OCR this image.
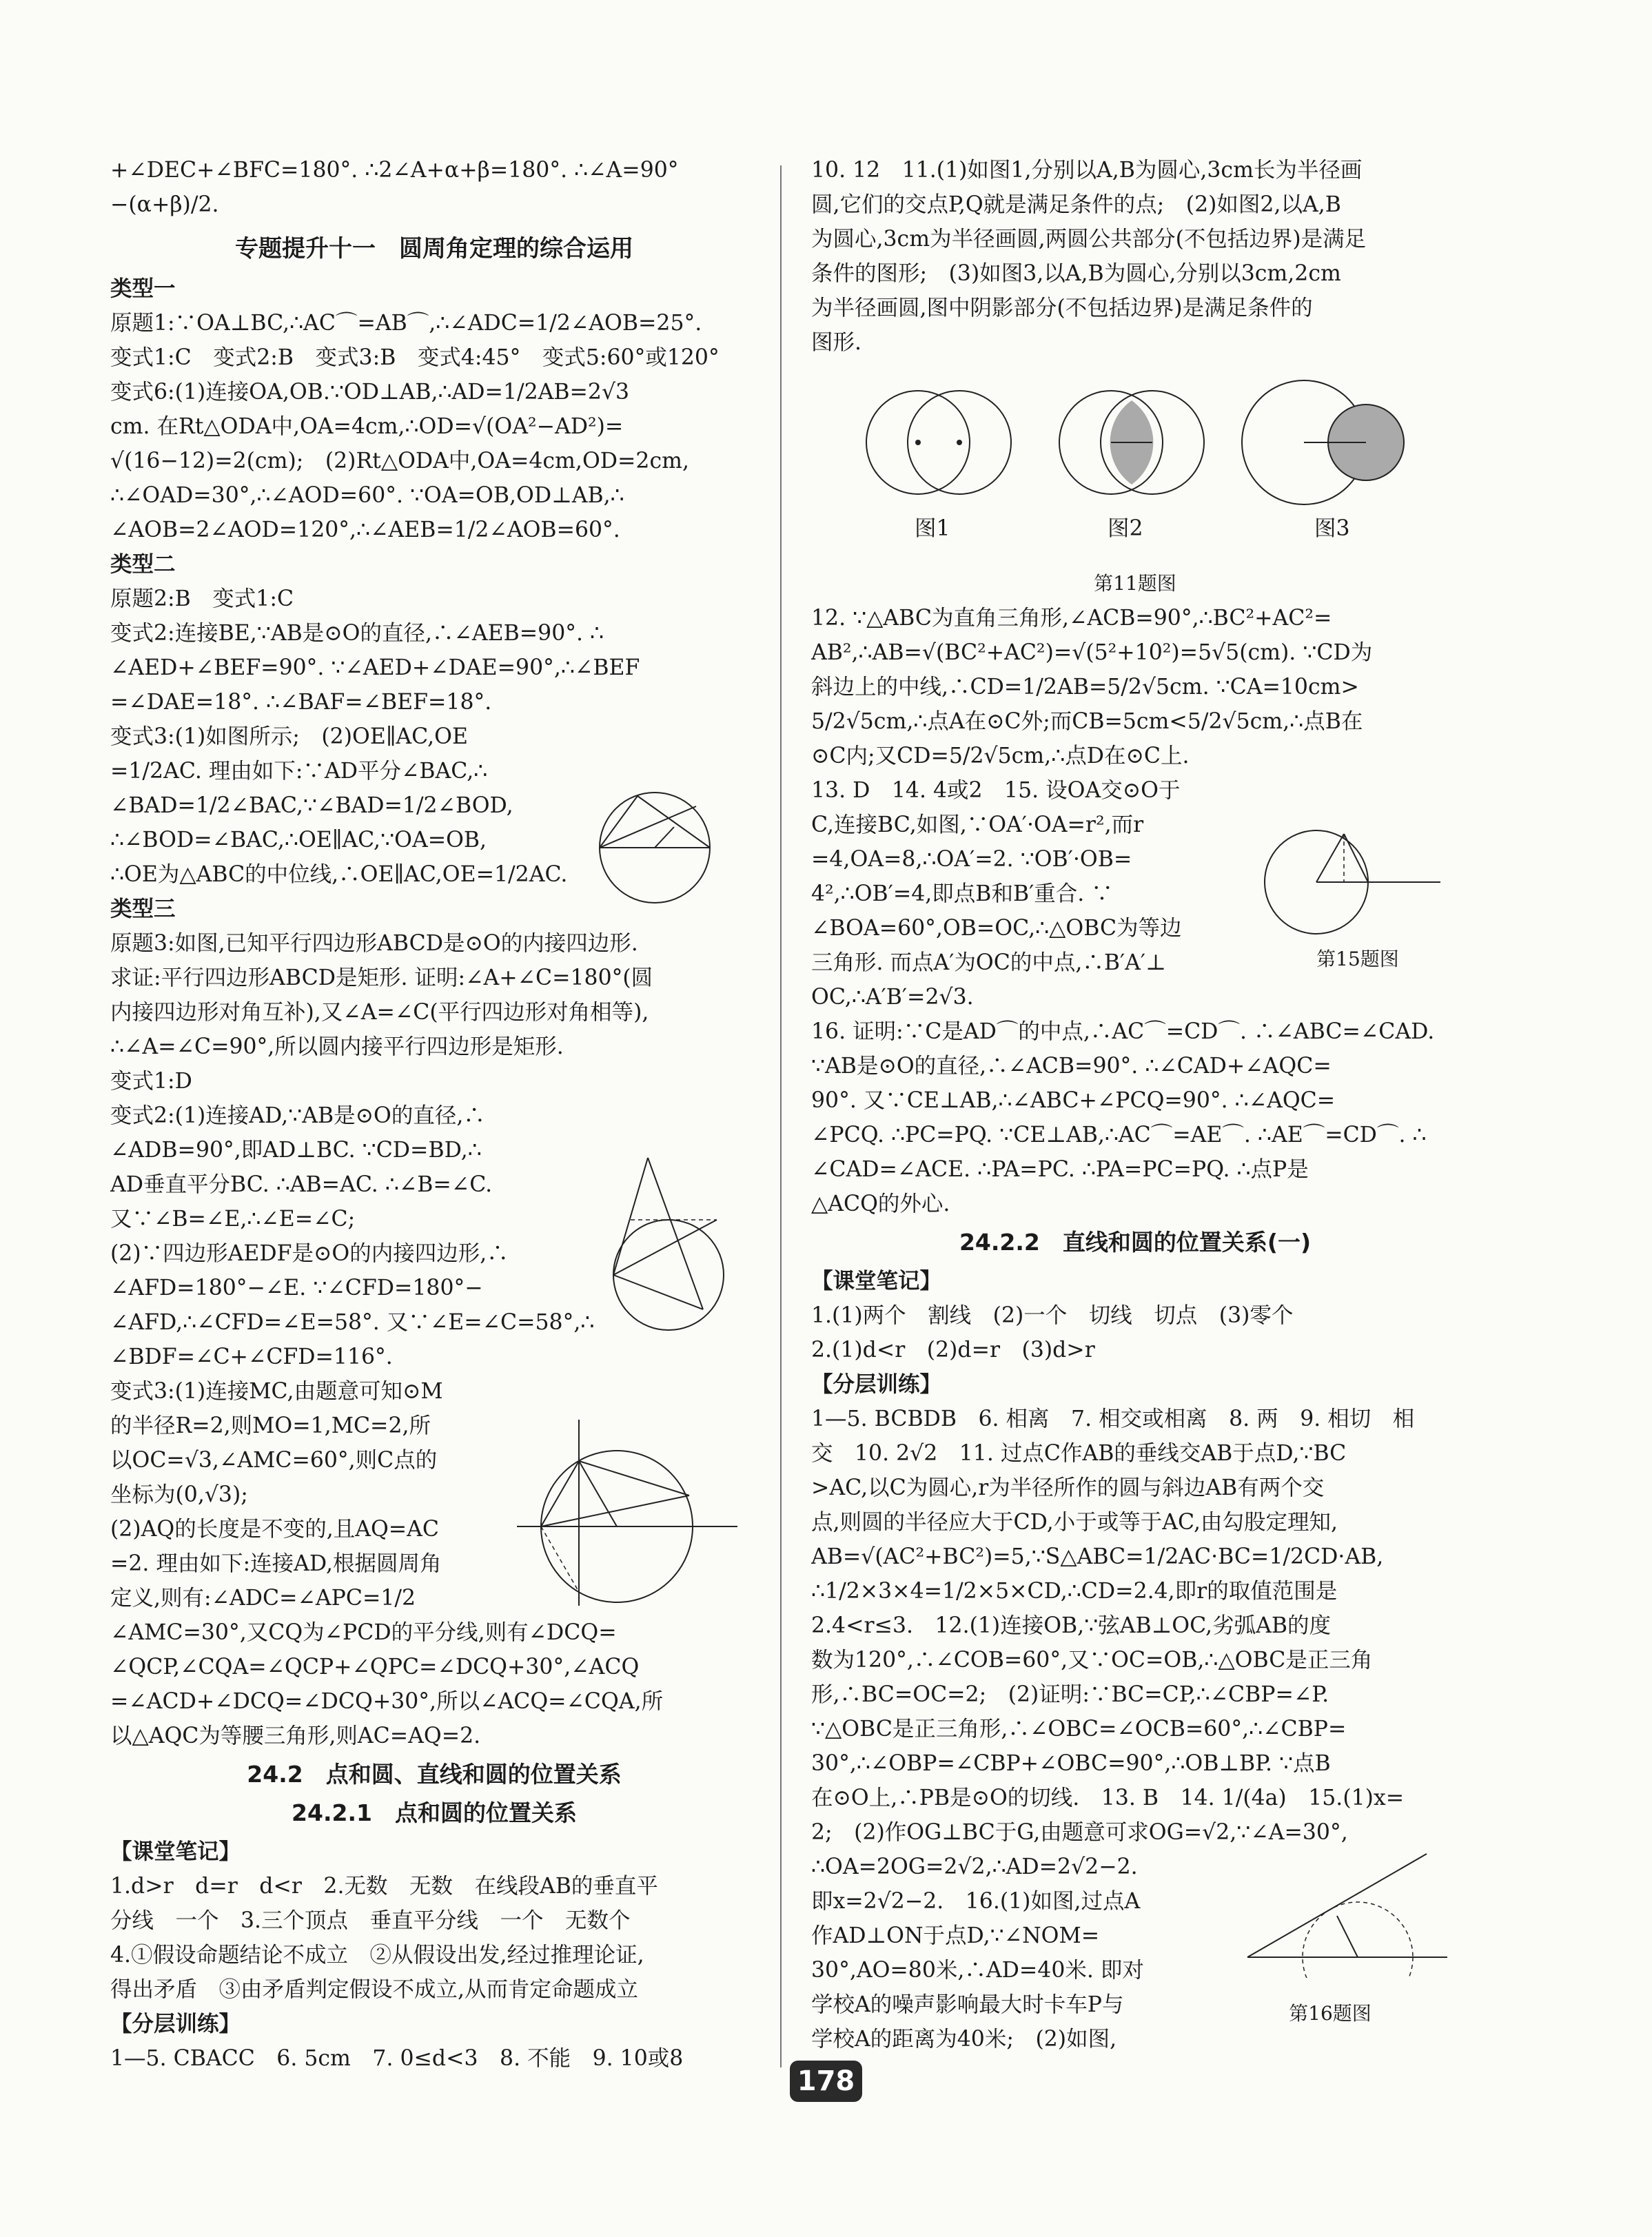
+∠DEC+∠BFC=180°. ∴2∠A+α+β=180°. ∴∠A=90°
−(α+β)/2.
专题提升十一　圆周角定理的综合运用
类型一
原题1:∵OA⊥BC,∴AC⌒=AB⌒,∴∠ADC=1/2∠AOB=25°.
变式1:C　变式2:B　变式3:B　变式4:45°　变式5:60°或120°
变式6:(1)连接OA,OB.∵OD⊥AB,∴AD=1/2AB=2√3
cm. 在Rt△ODA中,OA=4cm,∴OD=√(OA²−AD²)=
√(16−12)=2(cm);　(2)Rt△ODA中,OA=4cm,OD=2cm,
∴∠OAD=30°,∴∠AOD=60°. ∵OA=OB,OD⊥AB,∴
∠AOB=2∠AOD=120°,∴∠AEB=1/2∠AOB=60°.
类型二
原题2:B　变式1:C
变式2:连接BE,∵AB是⊙O的直径,∴∠AEB=90°. ∴
∠AED+∠BEF=90°. ∵∠AED+∠DAE=90°,∴∠BEF
=∠DAE=18°. ∴∠BAF=∠BEF=18°.
变式3:(1)如图所示;　(2)OE∥AC,OE
=1/2AC. 理由如下:∵AD平分∠BAC,∴
∠BAD=1/2∠BAC,∵∠BAD=1/2∠BOD,
∴∠BOD=∠BAC,∴OE∥AC,∵OA=OB,
∴OE为△ABC的中位线,∴OE∥AC,OE=1/2AC.
类型三
原题3:如图,已知平行四边形ABCD是⊙O的内接四边形.
求证:平行四边形ABCD是矩形. 证明:∠A+∠C=180°(圆
内接四边形对角互补),又∠A=∠C(平行四边形对角相等),
∴∠A=∠C=90°,所以圆内接平行四边形是矩形.
变式1:D
变式2:(1)连接AD,∵AB是⊙O的直径,∴
∠ADB=90°,即AD⊥BC. ∵CD=BD,∴
AD垂直平分BC. ∴AB=AC. ∴∠B=∠C.
又∵∠B=∠E,∴∠E=∠C;
(2)∵四边形AEDF是⊙O的内接四边形,∴
∠AFD=180°−∠E. ∵∠CFD=180°−
∠AFD,∴∠CFD=∠E=58°. 又∵∠E=∠C=58°,∴
∠BDF=∠C+∠CFD=116°.
变式3:(1)连接MC,由题意可知⊙M
的半径R=2,则MO=1,MC=2,所
以OC=√3,∠AMC=60°,则C点的
坐标为(0,√3);
(2)AQ的长度是不变的,且AQ=AC
=2. 理由如下:连接AD,根据圆周角
定义,则有:∠ADC=∠APC=1/2
∠AMC=30°,又CQ为∠PCD的平分线,则有∠DCQ=
∠QCP,∠CQA=∠QCP+∠QPC=∠DCQ+30°,∠ACQ
=∠ACD+∠DCQ=∠DCQ+30°,所以∠ACQ=∠CQA,所
以△AQC为等腰三角形,则AC=AQ=2.
24.2　点和圆、直线和圆的位置关系
24.2.1　点和圆的位置关系
【课堂笔记】
1.d>r　d=r　d<r　2.无数　无数　在线段AB的垂直平
分线　一个　3.三个顶点　垂直平分线　一个　无数个
4.①假设命题结论不成立　②从假设出发,经过推理论证,
得出矛盾　③由矛盾判定假设不成立,从而肯定命题成立
【分层训练】
1—5. CBACC　6. 5cm　7. 0≤d<3　8. 不能　9. 10或8
10. 12　11.(1)如图1,分别以A,B为圆心,3cm长为半径画
圆,它们的交点P,Q就是满足条件的点;　(2)如图2,以A,B
为圆心,3cm为半径画圆,两圆公共部分(不包括边界)是满足
条件的图形;　(3)如图3,以A,B为圆心,分别以3cm,2cm
为半径画圆,图中阴影部分(不包括边界)是满足条件的
图形.
图1	图2	图3
第11题图
12. ∵△ABC为直角三角形,∠ACB=90°,∴BC²+AC²=
AB²,∴AB=√(BC²+AC²)=√(5²+10²)=5√5(cm). ∵CD为
斜边上的中线,∴CD=1/2AB=5/2√5cm. ∵CA=10cm>
5/2√5cm,∴点A在⊙C外;而CB=5cm<5/2√5cm,∴点B在
⊙C内;又CD=5/2√5cm,∴点D在⊙C上.
13. D　14. 4或2　15. 设OA交⊙O于
C,连接BC,如图,∵OA′·OA=r²,而r
=4,OA=8,∴OA′=2. ∵OB′·OB=
4²,∴OB′=4,即点B和B′重合. ∵
∠BOA=60°,OB=OC,∴△OBC为等边
三角形. 而点A′为OC的中点,∴B′A′⊥
OC,∴A′B′=2√3.
16. 证明:∵C是AD⌒的中点,∴AC⌒=CD⌒. ∴∠ABC=∠CAD.
∵AB是⊙O的直径,∴∠ACB=90°. ∴∠CAD+∠AQC=
90°. 又∵CE⊥AB,∴∠ABC+∠PCQ=90°. ∴∠AQC=
∠PCQ. ∴PC=PQ. ∵CE⊥AB,∴AC⌒=AE⌒. ∴AE⌒=CD⌒. ∴
∠CAD=∠ACE. ∴PA=PC. ∴PA=PC=PQ. ∴点P是
△ACQ的外心.
24.2.2　直线和圆的位置关系(一)
【课堂笔记】
1.(1)两个　割线　(2)一个　切线　切点　(3)零个
2.(1)d<r　(2)d=r　(3)d>r
【分层训练】
1—5. BCBDB　6. 相离　7. 相交或相离　8. 两　9. 相切　相
交　10. 2√2　11. 过点C作AB的垂线交AB于点D,∵BC
>AC,以C为圆心,r为半径所作的圆与斜边AB有两个交
点,则圆的半径应大于CD,小于或等于AC,由勾股定理知,
AB=√(AC²+BC²)=5,∵S△ABC=1/2AC·BC=1/2CD·AB,
∴1/2×3×4=1/2×5×CD,∴CD=2.4,即r的取值范围是
2.4<r≤3.　12.(1)连接OB,∵弦AB⊥OC,劣弧AB的度
数为120°,∴∠COB=60°,又∵OC=OB,∴△OBC是正三角
形,∴BC=OC=2;　(2)证明:∵BC=CP,∴∠CBP=∠P.
∵△OBC是正三角形,∴∠OBC=∠OCB=60°,∴∠CBP=
30°,∴∠OBP=∠CBP+∠OBC=90°,∴OB⊥BP. ∵点B
在⊙O上,∴PB是⊙O的切线.　13. B　14. 1/(4a)　15.(1)x=
2;　(2)作OG⊥BC于G,由题意可求OG=√2,∵∠A=30°,
∴OA=2OG=2√2,∴AD=2√2−2.
即x=2√2−2.　16.(1)如图,过点A
作AD⊥ON于点D,∵∠NOM=
30°,AO=80米,∴AD=40米. 即对
学校A的噪声影响最大时卡车P与
学校A的距离为40米;　(2)如图,
第15题图
第16题图
178
